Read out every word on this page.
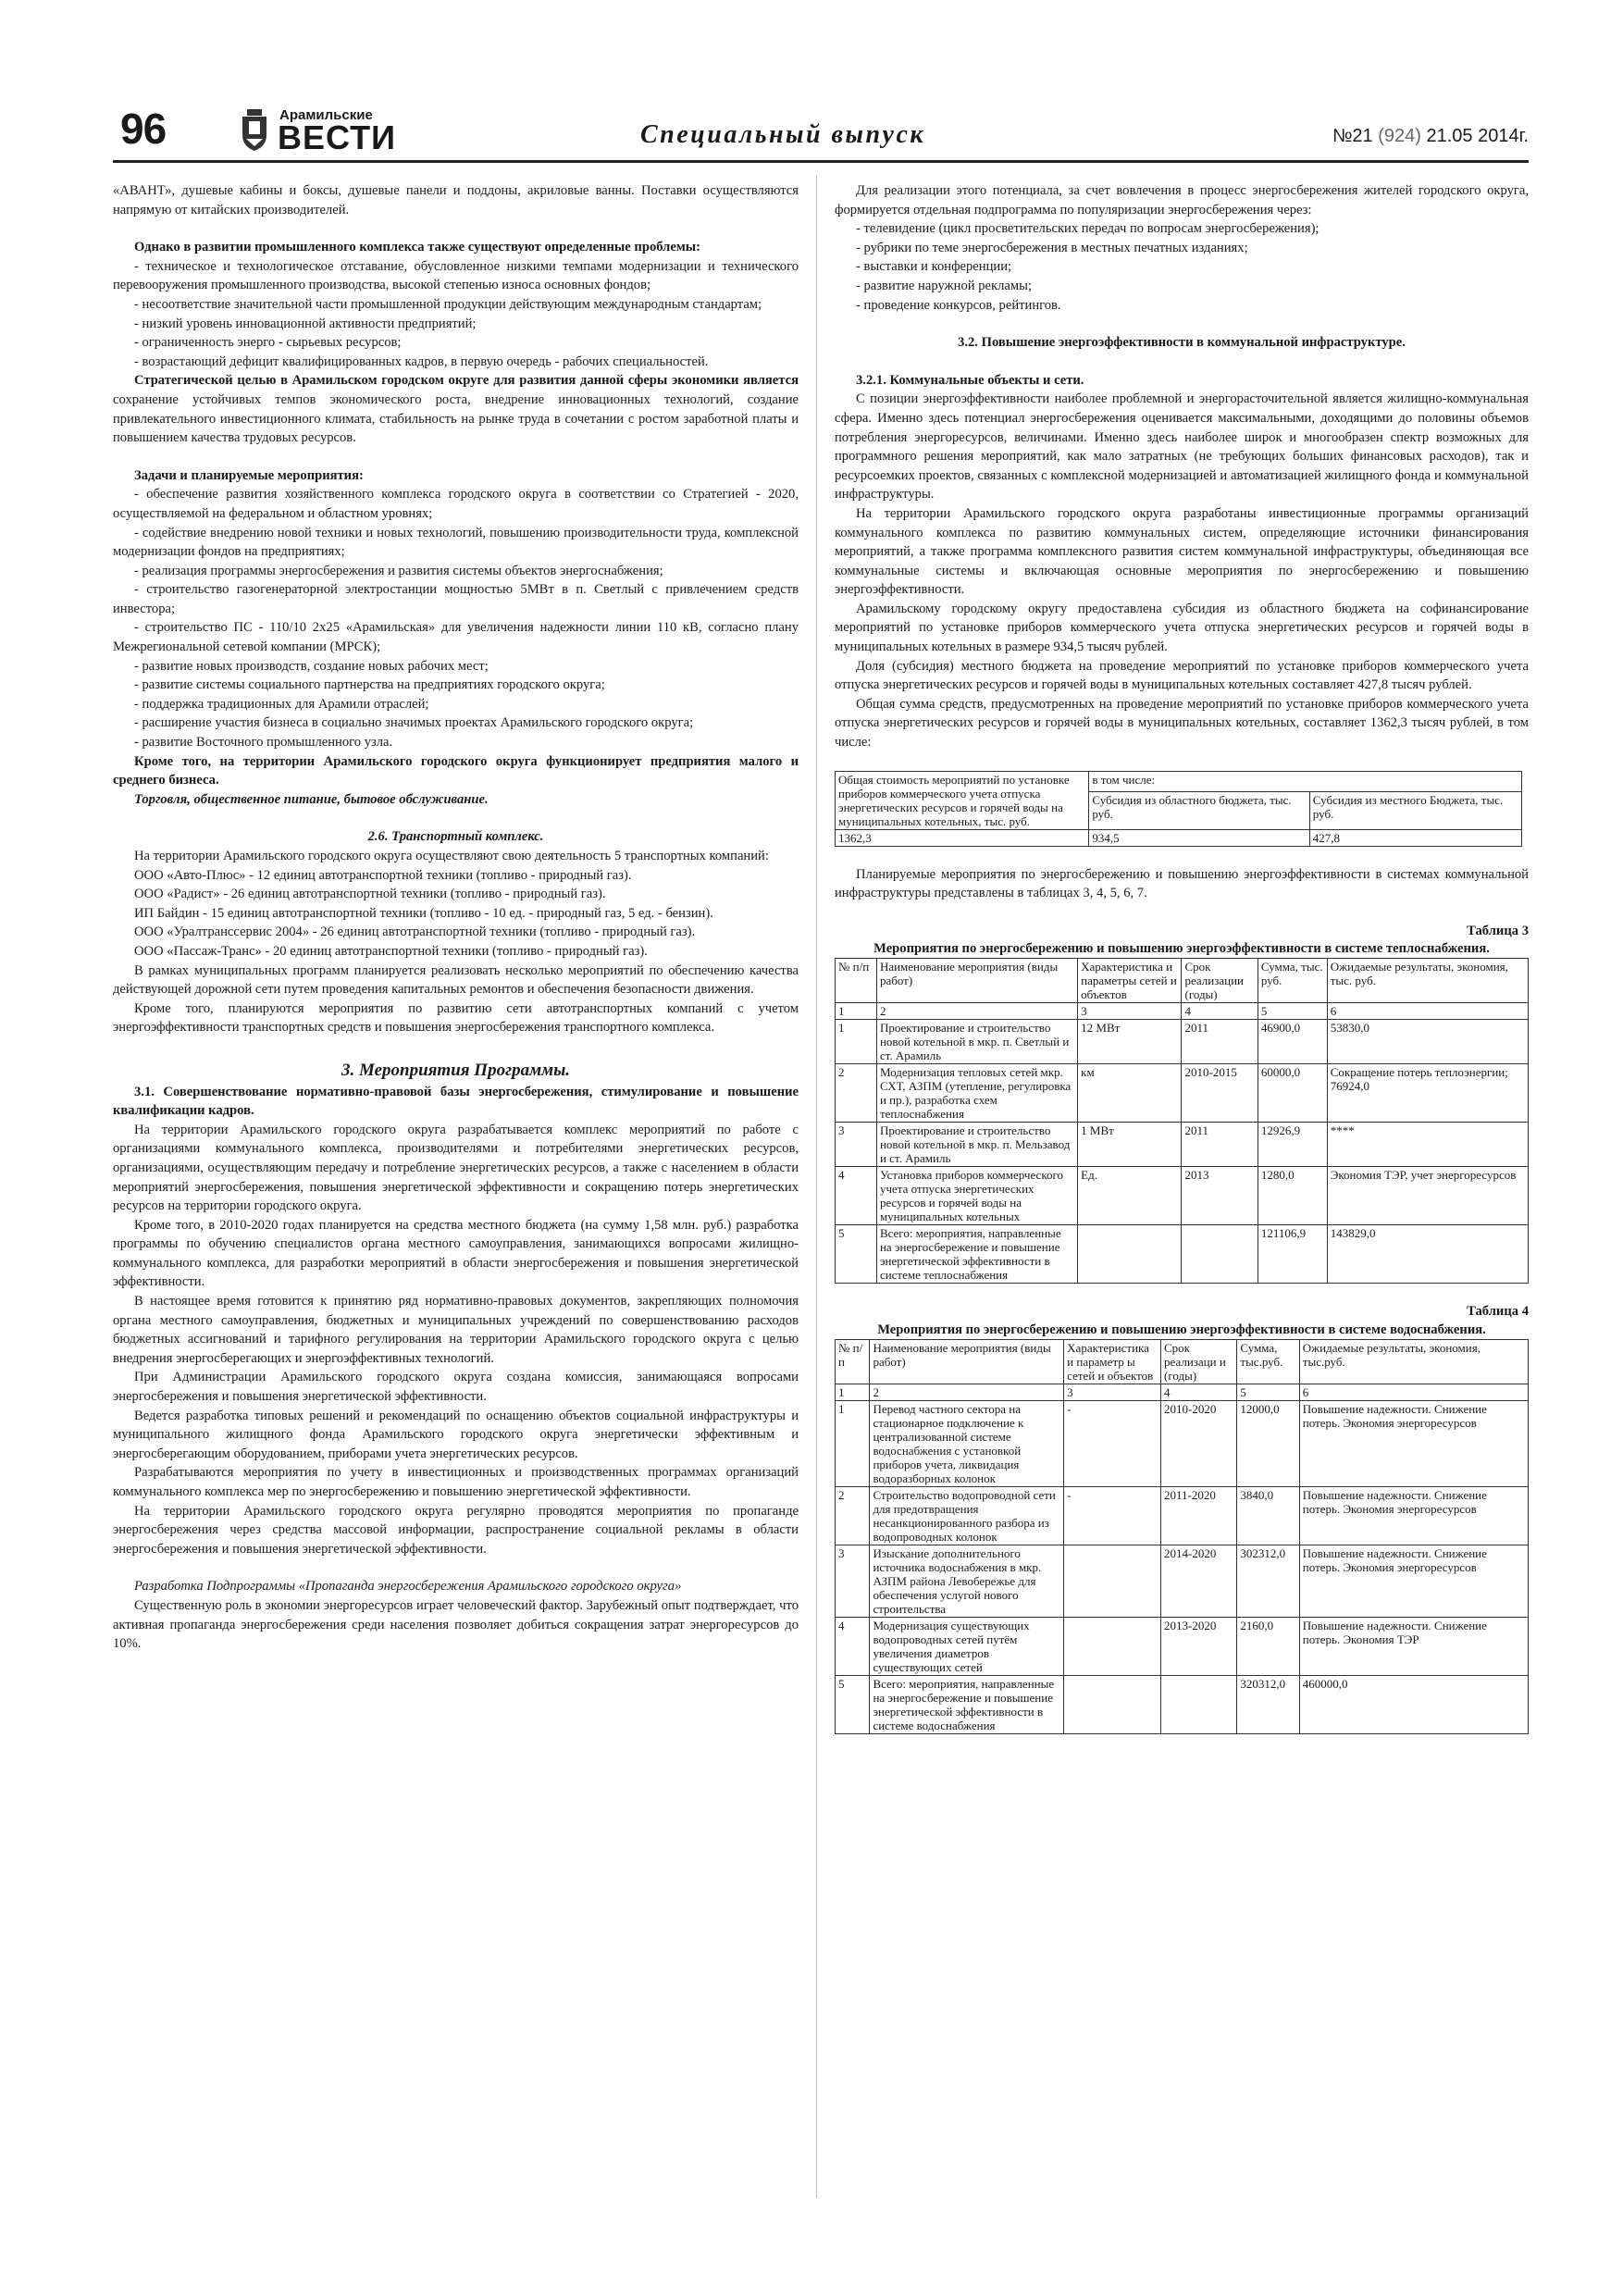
96	Арамильские
ВЕСТИ	Специальный выпуск	№21 (924) 21.05 2014г.

«АВАНТ», душевые кабины и боксы, душевые панели и поддоны, акриловые ванны. Поставки осуществляются напрямую от китайских производителей.

Однако в развитии промышленного комплекса также существуют определенные проблемы:

- техническое и технологическое отставание, обусловленное низкими темпами модернизации и технического перевооружения промышленного производства, высокой степенью износа основных фондов;

- несоответствие значительной части промышленной продукции действующим международным стандартам;

- низкий уровень инновационной активности предприятий;

- ограниченность энерго - сырьевых ресурсов;

- возрастающий дефицит квалифицированных кадров, в первую очередь - рабочих специальностей.

Стратегической целью в Арамильском городском округе для развития данной сферы экономики является сохранение устойчивых темпов экономического роста, внедрение инновационных технологий, создание привлекательного инвестиционного климата, стабильность на рынке труда в сочетании с ростом заработной платы и повышением качества трудовых ресурсов.

Задачи и планируемые мероприятия:

- обеспечение развития хозяйственного комплекса городского округа в соответствии со Стратегией - 2020, осуществляемой на федеральном и областном уровнях;

- содействие внедрению новой техники и новых технологий, повышению производительности труда, комплексной модернизации фондов на предприятиях;

- реализация программы энергосбережения и развития системы объектов энергоснабжения;

- строительство газогенераторной электростанции мощностью 5МВт в п. Светлый с привлечением средств инвестора;

- строительство ПС - 110/10 2х25 «Арамильская» для увеличения надежности линии 110 кВ, согласно плану Межрегиональной сетевой компании (МРСК);

- развитие новых производств, создание новых рабочих мест;

- развитие системы социального партнерства на предприятиях городского округа;

- поддержка традиционных для Арамили отраслей;

- расширение участия бизнеса в социально значимых проектах Арамильского городского округа;

- развитие Восточного промышленного узла.

Кроме того, на территории Арамильского городского округа функционирует предприятия малого и среднего бизнеса.

Торговля, общественное питание, бытовое обслуживание.

2.6. Транспортный комплекс.

На территории Арамильского городского округа осуществляют свою деятельность 5 транспортных компаний:

ООО «Авто-Плюс» - 12 единиц автотранспортной техники (топливо - природный газ).

ООО «Радист» - 26 единиц автотранспортной техники (топливо - природный газ).

ИП Байдин - 15 единиц автотранспортной техники (топливо - 10 ед. - природный газ, 5 ед. - бензин).

ООО «Уралтранссервис 2004» - 26 единиц автотранспортной техники (топливо - природный газ).

ООО «Пассаж-Транс» - 20 единиц автотранспортной техники (топливо - природный газ).

В рамках муниципальных программ планируется реализовать несколько мероприятий по обеспечению качества действующей дорожной сети путем проведения капитальных ремонтов и обеспечения безопасности движения.

Кроме того, планируются мероприятия по развитию сети автотранспортных компаний с учетом энергоэффективности транспортных средств и повышения энергосбережения транспортного комплекса.

3. Мероприятия Программы.

3.1. Совершенствование нормативно-правовой базы энергосбережения, стимулирование и повышение квалификации кадров.

На территории Арамильского городского округа разрабатывается комплекс мероприятий по работе с организациями коммунального комплекса, производителями и потребителями энергетических ресурсов, организациями, осуществляющим передачу и потребление энергетических ресурсов, а также с населением в области мероприятий энергосбережения, повышения энергетической эффективности и сокращению потерь энергетических ресурсов на территории городского округа.

Кроме того, в 2010-2020 годах планируется на средства местного бюджета (на сумму 1,58 млн. руб.) разработка программы по обучению специалистов органа местного самоуправления, занимающихся вопросами жилищно-коммунального комплекса, для разработки мероприятий в области энергосбережения и повышения энергетической эффективности.

В настоящее время готовится к принятию ряд нормативно-правовых документов, закрепляющих полномочия органа местного самоуправления, бюджетных и муниципальных учреждений по совершенствованию расходов бюджетных ассигнований и тарифного регулирования на территории Арамильского городского округа с целью внедрения энергосберегающих и энергоэффективных технологий.

При Администрации Арамильского городского округа создана комиссия, занимающаяся вопросами энергосбережения и повышения энергетической эффективности.

Ведется разработка типовых решений и рекомендаций по оснащению объектов социальной инфраструктуры и муниципального жилищного фонда Арамильского городского округа энергетически эффективным и энергосберегающим оборудованием, приборами учета энергетических ресурсов.

Разрабатываются мероприятия по учету в инвестиционных и производственных программах организаций коммунального комплекса мер по энергосбережению и повышению энергетической эффективности.

На территории Арамильского городского округа регулярно проводятся мероприятия по пропаганде энергосбережения через средства массовой информации, распространение социальной рекламы в области энергосбережения и повышения энергетической эффективности.

Разработка Подпрограммы «Пропаганда энергосбережения Арамильского городского округа»

Существенную роль в экономии энергоресурсов играет человеческий фактор. Зарубежный опыт подтверждает, что активная пропаганда энергосбережения среди населения позволяет добиться сокращения затрат энергоресурсов до 10%.

Для реализации этого потенциала, за счет вовлечения в процесс энергосбережения жителей городского округа, формируется отдельная подпрограмма по популяризации энергосбережения через:

- телевидение (цикл просветительских передач по вопросам энергосбережения);

- рубрики по теме энергосбережения в местных печатных изданиях;

- выставки и конференции;

- развитие наружной рекламы;

- проведение конкурсов, рейтингов.

3.2. Повышение энергоэффективности в коммунальной инфраструктуре.

3.2.1. Коммунальные объекты и сети.

С позиции энергоэффективности наиболее проблемной и энергорасточительной является жилищно-коммунальная сфера. Именно здесь потенциал энергосбережения оценивается максимальными, доходящими до половины объемов потребления энергоресурсов, величинами. Именно здесь наиболее широк и многообразен спектр возможных для программного решения мероприятий, как мало затратных (не требующих больших финансовых расходов), так и ресурсоемких проектов, связанных с комплексной модернизацией и автоматизацией жилищного фонда и коммунальной инфраструктуры.

На территории Арамильского городского округа разработаны инвестиционные программы организаций коммунального комплекса по развитию коммунальных систем, определяющие источники финансирования мероприятий, а также программа комплексного развития систем коммунальной инфраструктуры, объединяющая все коммунальные системы и включающая основные мероприятия по энергосбережению и повышению энергоэффективности.

Арамильскому городскому округу предоставлена субсидия из областного бюджета на софинансирование мероприятий по установке приборов коммерческого учета отпуска энергетических ресурсов и горячей воды в муниципальных котельных в размере 934,5 тысяч рублей.

Доля (субсидия) местного бюджета на проведение мероприятий по установке приборов коммерческого учета отпуска энергетических ресурсов и горячей воды в муниципальных котельных составляет 427,8 тысяч рублей.

Общая сумма средств, предусмотренных на проведение мероприятий по установке приборов коммерческого учета отпуска энергетических ресурсов и горячей воды в муниципальных котельных, составляет 1362,3 тысяч рублей, в том числе:

Общая стоимость мероприятий по установке приборов коммерческого учета отпуска энергетических ресурсов и горячей воды на муниципальных котельных, тыс. руб.	в том числе:	
	Субсидия из областного бюджета, тыс. руб.	Субсидия из местного Бюджета, тыс. руб.
1362,3	934,5	427,8

Планируемые мероприятия по энергосбережению и повышению энергоэффективности в системах коммунальной инфраструктуры представлены в таблицах 3, 4, 5, 6, 7.

Таблица 3

Мероприятия по энергосбережению и повышению энергоэффективности в системе теплоснабжения.

№ п/п	Наименование мероприятия (виды работ)	Характеристика и параметры сетей и объектов	Срок реализации (годы)	Сумма, тыс. руб.	Ожидаемые результаты, экономия, тыс. руб.
1	2	3	4	5	6
1	Проектирование и строительство новой котельной в мкр. п. Светлый и ст. Арамиль	12 МВт	2011	46900,0	53830,0
2	Модернизация тепловых сетей мкр. СХТ, АЗПМ (утепление, регулировка и пр.), разработка схем теплоснабжения	км	2010-2015	60000,0	Сокращение потерь теплоэнергии; 76924,0
3	Проектирование и строительство новой котельной в мкр. п. Мельзавод и ст. Арамиль	1 МВт	2011	12926,9	****
4	Установка приборов коммерческого учета отпуска энергетических ресурсов и горячей воды на муниципальных котельных	Ед.	2013	1280,0	Экономия ТЭР, учет энергоресурсов
5	Всего: мероприятия, направленные на энергосбережение и повышение энергетической эффективности в системе теплоснабжения			121106,9	143829,0

Таблица 4

Мероприятия по энергосбережению и повышению энергоэффективности в системе водоснабжения.

№ п/ п	Наименование мероприятия (виды работ)	Характеристика и параметр ы сетей и объектов	Срок реализаци и (годы)	Сумма, тыс.руб.	Ожидаемые результаты, экономия, тыс.руб.
1	2	3	4	5	6
1	Перевод частного сектора на стационарное подключение к централизованной системе водоснабжения с установкой приборов учета, ликвидация водоразборных колонок	-	2010-2020	12000,0	Повышение надежности. Снижение потерь. Экономия энергоресурсов
2	Строительство водопроводной сети для предотвращения несанкционированного разбора из водопроводных колонок	-	2011-2020	3840,0	Повышение надежности. Снижение потерь. Экономия энергоресурсов
3	Изыскание дополнительного источника водоснабжения в мкр. АЗПМ района Левобережье для обеспечения услугой нового строительства		2014-2020	302312,0	Повышение надежности. Снижение потерь. Экономия энергоресурсов
4	Модернизация существующих водопроводных сетей путём увеличения диаметров существующих сетей		2013-2020	2160,0	Повышение надежности. Снижение потерь. Экономия ТЭР
5	Всего: мероприятия, направленные на энергосбережение и повышение энергетической эффективности в системе водоснабжения			320312,0	460000,0
